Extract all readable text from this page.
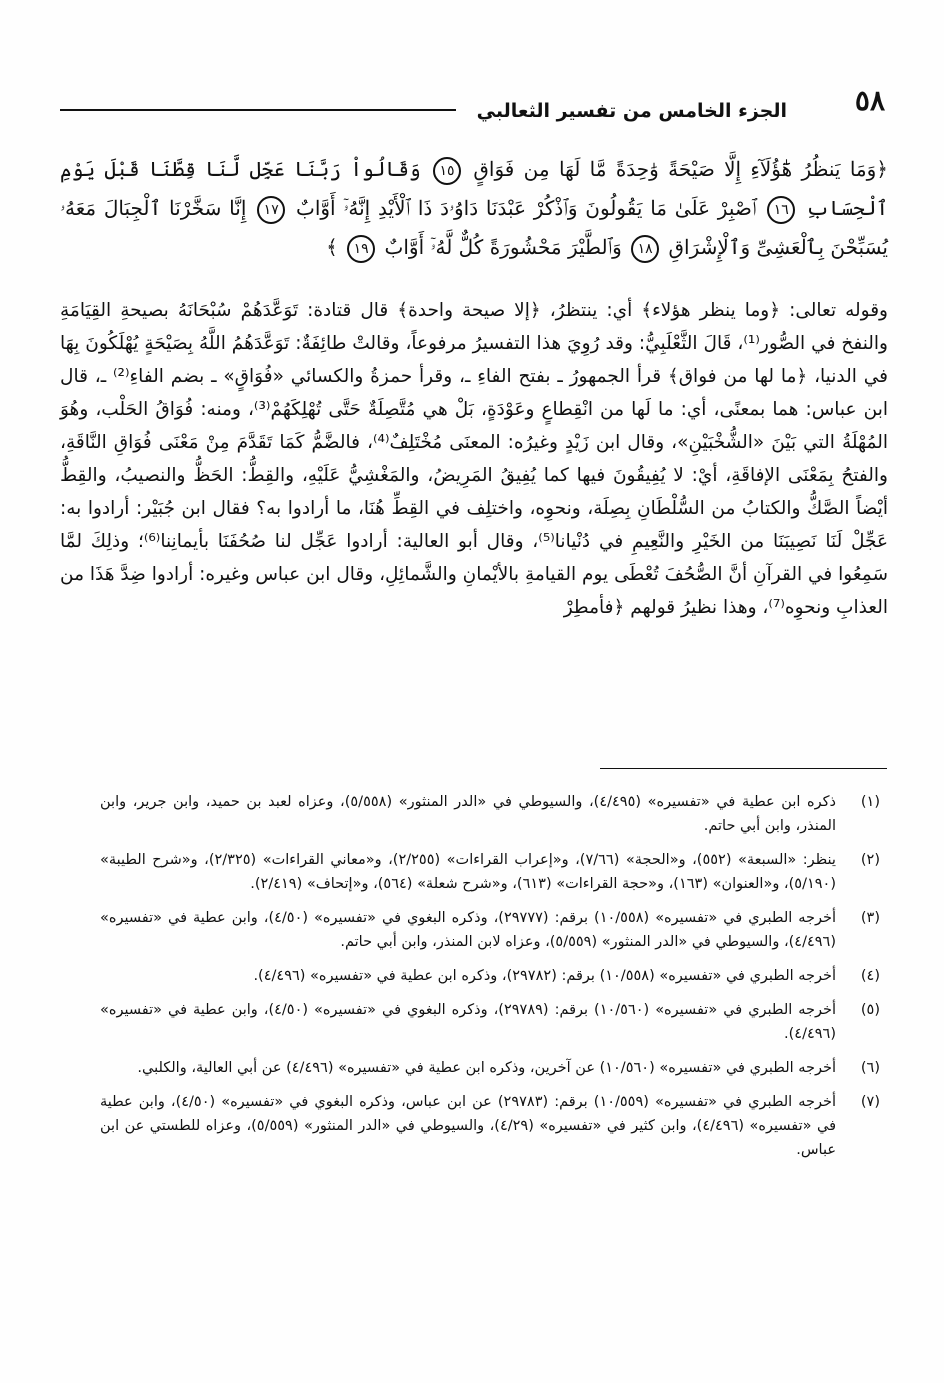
٥٨
الجزء الخامس من تفسير الثعالبي
﴿وَمَا يَنظُرُ هَٰٓؤُلَآءِ إِلَّا صَيْحَةً وَٰحِدَةً مَّا لَهَا مِن فَوَاقٍ ١٥ وَقَالُواْ رَبَّنَا عَجِّل لَّنَا قِطَّنَا قَبْلَ يَوْمِ ٱلْحِسَابِ ١٦ ٱصْبِرْ عَلَىٰ مَا يَقُولُونَ وَٱذْكُرْ عَبْدَنَا دَاوُۥدَ ذَا ٱلْأَيْدِ إِنَّهُۥٓ أَوَّابٌ ١٧ إِنَّا سَخَّرْنَا ٱلْجِبَالَ مَعَهُۥ يُسَبِّحْنَ بِٱلْعَشِىِّ وَٱلْإِشْرَاقِ ١٨ وَٱلطَّيْرَ مَحْشُورَةً كُلٌّ لَّهُۥٓ أَوَّابٌ ١٩ ﴾

وقوله تعالى: ﴿وما ينظر هؤلاء﴾ أي: ينتظرُ، ﴿إلا صيحة واحدة﴾ قال قتادة: تَوَعَّدَهُمْ سُبْحَانَهُ بصيحةِ القِيَامَةِ والنفخ في الصُّور⁽¹⁾، قَالَ الثَّعْلَبِيُّ: وقد رُوِيَ هذا التفسيرُ مرفوعاً، وقالتْ طائِفَةٌ: تَوَعَّدَهُمُ اللَّهُ بِصَيْحَةٍ يُهْلَكُونَ بِهَا في الدنيا، ﴿ما لها من فواق﴾ قرأ الجمهورُ ـ بفتح الفاءِ ـ، وقرأ حمزةُ والكسائي «فُوَاقٍ» ـ بضم الفاءِ⁽²⁾ ـ، قال ابن عباس: هما بمعنًى، أي: ما لَها من انْقِطاعٍ وعَوْدَةٍ، بَلْ هي مُتَّصِلَةٌ حَتَّى تُهْلِكَهُمْ⁽³⁾، ومنه: فُوَاقُ الحَلْب، وهُوَ المُهْلَةُ التي بَيْنَ «الشُّخْبَيْنِ»، وقال ابن زَيْدٍ وغيرُه: المعنَى مُخْتَلِفٌ⁽⁴⁾، فالضَّمُّ كَمَا تَقَدَّمَ مِنْ مَعْنَى فُوَاقِ النَّاقَةِ، والفتحُ بِمَعْنَى الإفاقَةِ، أيْ: لا يُفِيقُونَ فيها كما يُفِيقُ المَرِيضُ، والمَغْشِيُّ عَلَيْهِ، والقِطُّ: الحَظُّ والنصيبُ، والقِطُّ أيْضاً الصَّكُّ والكتابُ من السُّلْطَانِ بِصِلَة، ونحوِه، واختلِف في القِطِّ هُنَا، ما أرادوا به؟ فقال ابن جُبَيْر: أرادوا به: عَجِّلْ لَنَا نَصِيبَنَا من الخَيْرِ والنَّعِيمِ في دُنْيانا⁽⁵⁾، وقال أبو العالية: أرادوا عَجِّل لنا صُحُفَنَا بأيمانِنا⁽⁶⁾؛ وذلِكَ لمَّا سَمِعُوا في القرآنِ أنَّ الصُّحُفَ تُعْطَى يوم القيامةِ بالأيْمانِ والشَّمائِلِ، وقال ابن عباس وغيره: أرادوا ضِدَّ هَذَا من العذابِ ونحوِه⁽⁷⁾، وهذا نظيرُ قولهم ﴿فأمطِرْ

(١)
ذكره ابن عطية في «تفسيره» (٤/٤٩٥)، والسيوطي في «الدر المنثور» (٥/٥٥٨)، وعزاه لعبد بن حميد، وابن جرير، وابن المنذر، وابن أبي حاتم.
(٢)
ينظر: «السبعة» (٥٥٢)، و«الحجة» (٧/٦٦)، و«إعراب القراءات» (٢/٢٥٥)، و«معاني القراءات» (٢/٣٢٥)، و«شرح الطيبة» (٥/١٩٠)، و«العنوان» (١٦٣)، و«حجة القراءات» (٦١٣)، و«شرح شعلة» (٥٦٤)، و«إتحاف» (٢/٤١٩).
(٣)
أخرجه الطبري في «تفسيره» (١٠/٥٥٨) برقم: (٢٩٧٧٧)، وذكره البغوي في «تفسيره» (٤/٥٠)، وابن عطية في «تفسيره» (٤/٤٩٦)، والسيوطي في «الدر المنثور» (٥/٥٥٩)، وعزاه لابن المنذر، وابن أبي حاتم.
(٤)
أخرجه الطبري في «تفسيره» (١٠/٥٥٨) برقم: (٢٩٧٨٢)، وذكره ابن عطية في «تفسيره» (٤/٤٩٦).
(٥)
أخرجه الطبري في «تفسيره» (١٠/٥٦٠) برقم: (٢٩٧٨٩)، وذكره البغوي في «تفسيره» (٤/٥٠)، وابن عطية في «تفسيره» (٤/٤٩٦).
(٦)
أخرجه الطبري في «تفسيره» (١٠/٥٦٠) عن آخرين، وذكره ابن عطية في «تفسيره» (٤/٤٩٦) عن أبي العالية، والكلبي.
(٧)
أخرجه الطبري في «تفسيره» (١٠/٥٥٩) برقم: (٢٩٧٨٣) عن ابن عباس، وذكره البغوي في «تفسيره» (٤/٥٠)، وابن عطية في «تفسيره» (٤/٤٩٦)، وابن كثير في «تفسيره» (٤/٢٩)، والسيوطي في «الدر المنثور» (٥/٥٥٩)، وعزاه للطستي عن ابن عباس.
